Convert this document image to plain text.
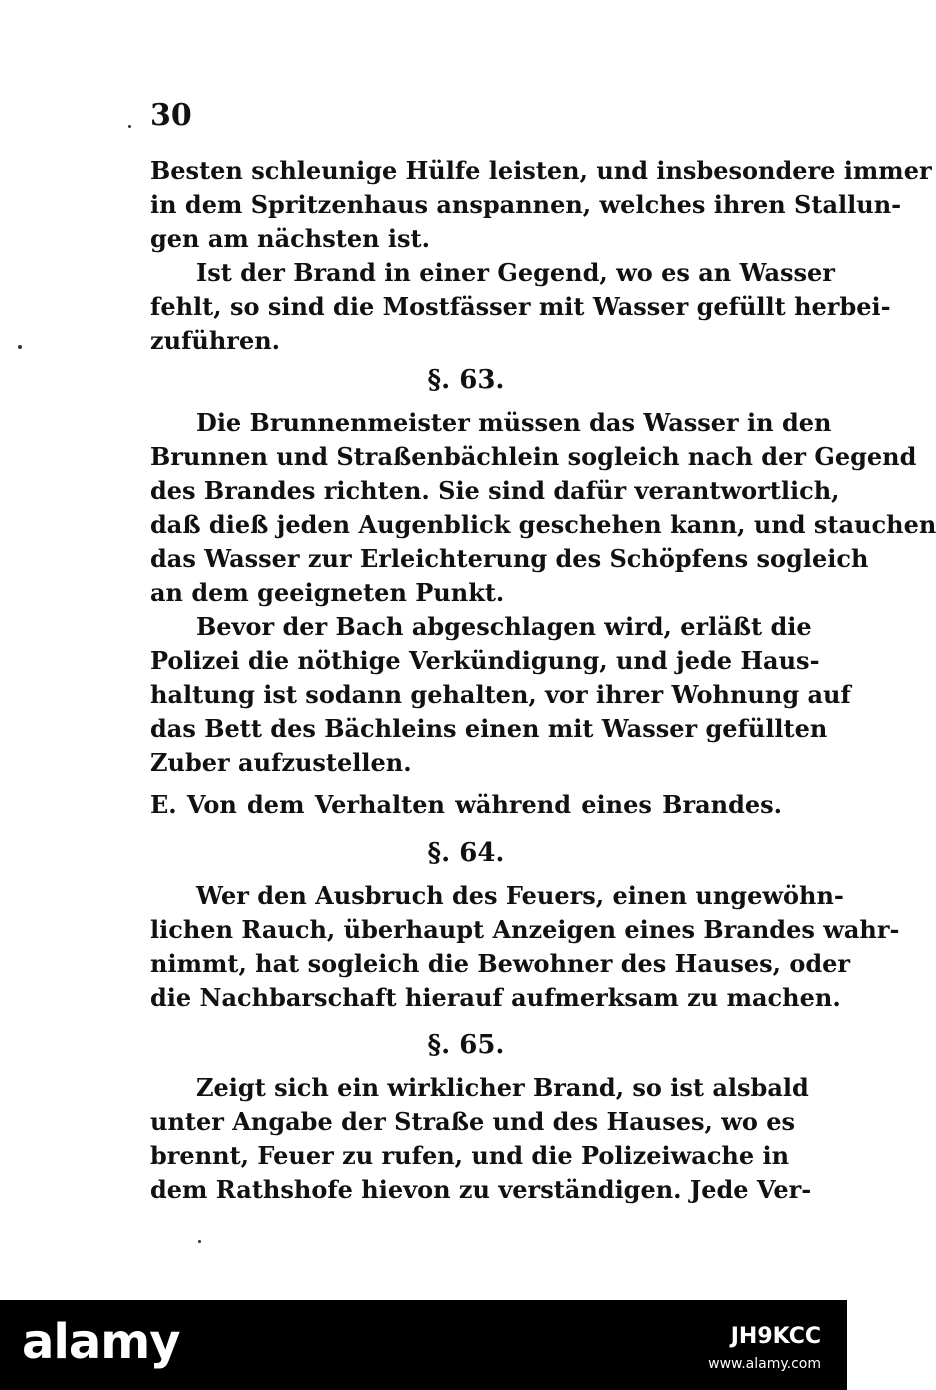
30
Besten schleunige Hülfe leisten, und insbesondere immer
in dem Spritzenhaus anspannen, welches ihren Stallun-
gen am nächsten ist.
Ist der Brand in einer Gegend, wo es an Wasser
fehlt, so sind die Mostfässer mit Wasser gefüllt herbei-
zuführen.
§. 63.
Die Brunnenmeister müssen das Wasser in den
Brunnen und Straßenbächlein sogleich nach der Gegend
des Brandes richten. Sie sind dafür verantwortlich,
daß dieß jeden Augenblick geschehen kann, und stauchen
das Wasser zur Erleichterung des Schöpfens sogleich
an dem geeigneten Punkt.
Bevor der Bach abgeschlagen wird, erläßt die
Polizei die nöthige Verkündigung, und jede Haus-
haltung ist sodann gehalten, vor ihrer Wohnung auf
das Bett des Bächleins einen mit Wasser gefüllten
Zuber aufzustellen.
E. Von dem Verhalten während eines Brandes.
§. 64.
Wer den Ausbruch des Feuers, einen ungewöhn-
lichen Rauch, überhaupt Anzeigen eines Brandes wahr-
nimmt, hat sogleich die Bewohner des Hauses, oder
die Nachbarschaft hierauf aufmerksam zu machen.
§. 65.
Zeigt sich ein wirklicher Brand, so ist alsbald
unter Angabe der Straße und des Hauses, wo es
brennt, Feuer zu rufen, und die Polizeiwache in
dem Rathshofe hievon zu verständigen. Jede Ver-
alamy	JH9KCC
www.alamy.com
